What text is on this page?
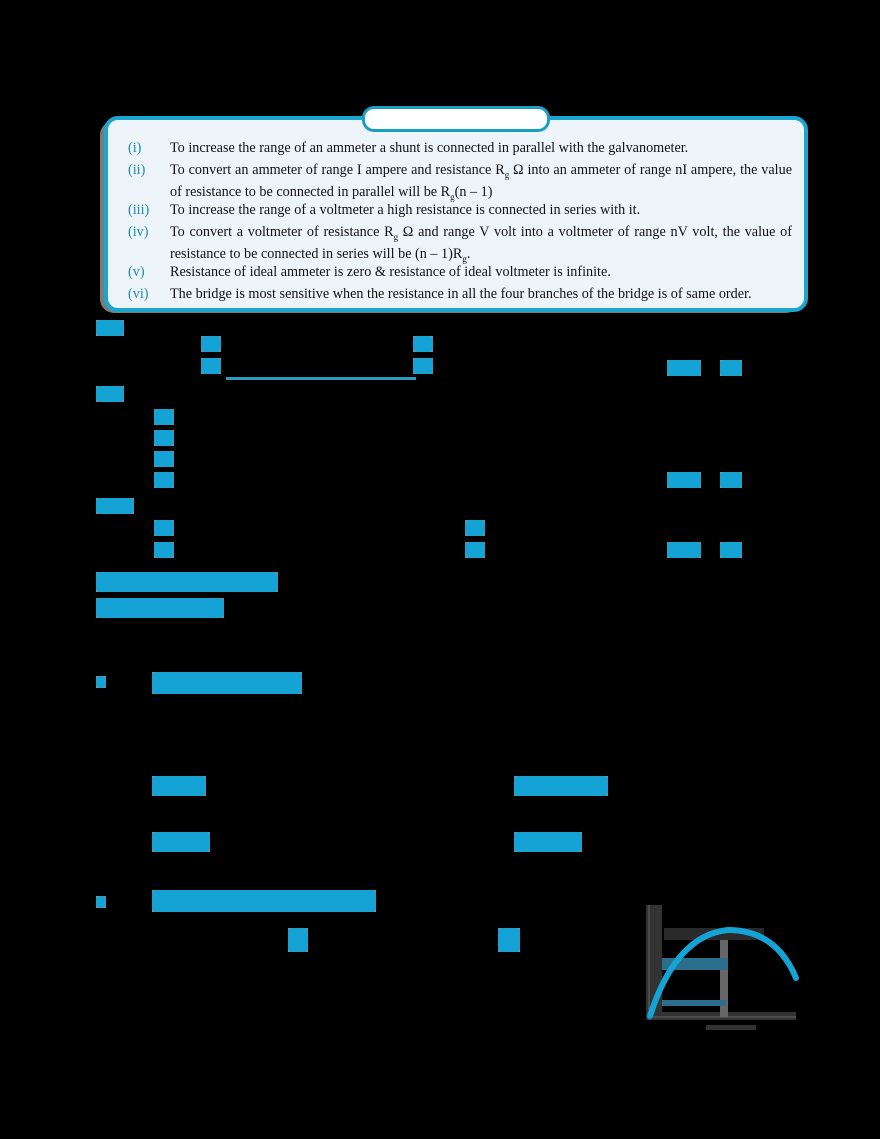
(i)	To increase the range of an ammeter a shunt is connected in parallel with the galvanometer.
(ii)	To convert an ammeter of range I ampere and resistance $R_g$ Ω into an ammeter of range nI ampere, the value of resistance to be connected in parallel will be $R_g(n - 1)$
(iii)	To increase the range of a voltmeter a high resistance is connected in series with it.
(iv)	To convert a voltmeter of resistance $R_g$ Ω and range V volt into a voltmeter of range nV volt, the value of resistance to be connected in series will be $(n - 1)R_g$.
(v)	Resistance of ideal ammeter is zero & resistance of ideal voltmeter is infinite.
(vi)	The bridge is most sensitive when the resistance in all the four branches of the bridge is of same order.
